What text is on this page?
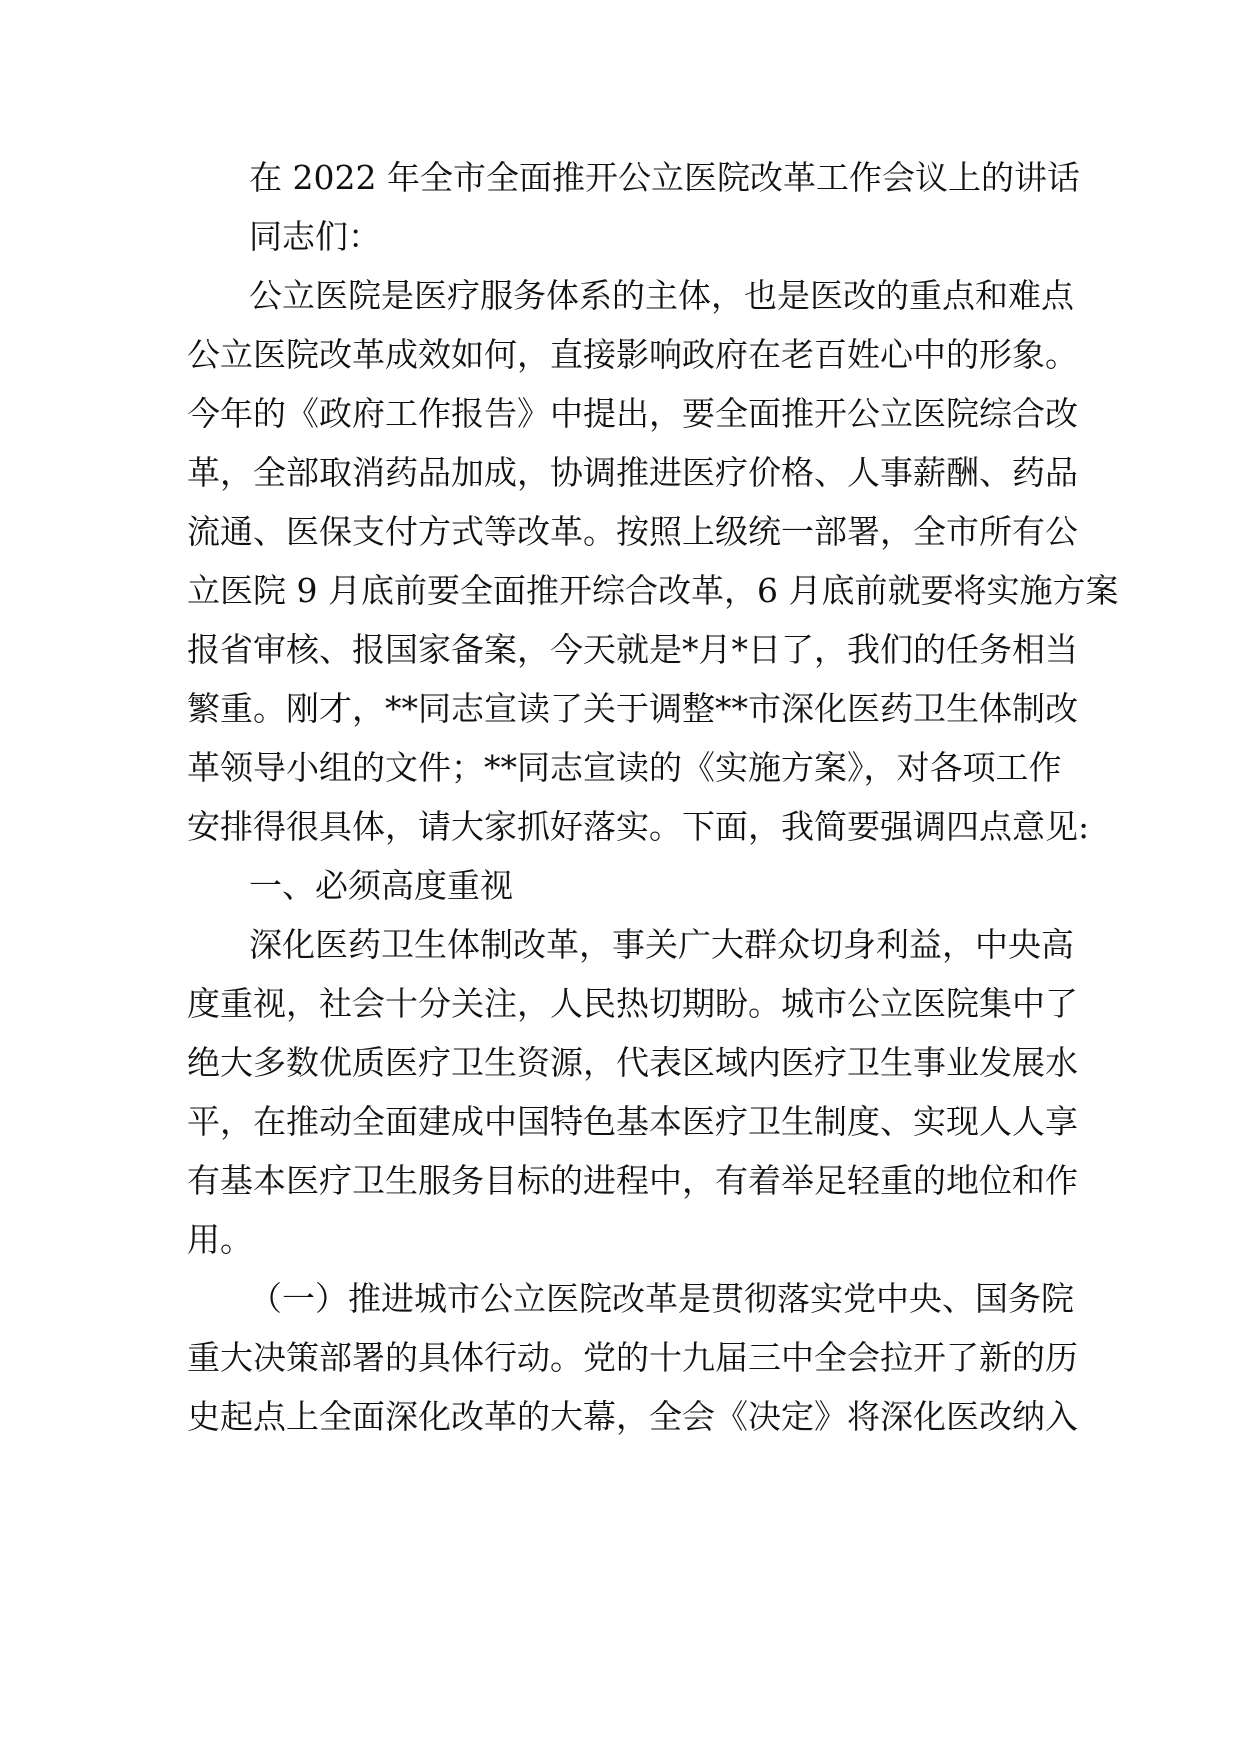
在 2022 年全市全面推开公立医院改革工作会议上的讲话
同志们：
公立医院是医疗服务体系的主体，也是医改的重点和难点
公立医院改革成效如何，直接影响政府在老百姓心中的形象。
今年的《政府工作报告》中提出，要全面推开公立医院综合改
革，全部取消药品加成，协调推进医疗价格、人事薪酬、药品
流通、医保支付方式等改革。按照上级统一部署，全市所有公
立医院 9 月底前要全面推开综合改革，6 月底前就要将实施方案
报省审核、报国家备案，今天就是*月*日了，我们的任务相当
繁重。刚才，**同志宣读了关于调整**市深化医药卫生体制改
革领导小组的文件；**同志宣读的《实施方案》，对各项工作
安排得很具体，请大家抓好落实。下面，我简要强调四点意见:
一、必须高度重视
深化医药卫生体制改革，事关广大群众切身利益，中央高
度重视，社会十分关注，人民热切期盼。城市公立医院集中了
绝大多数优质医疗卫生资源，代表区域内医疗卫生事业发展水
平，在推动全面建成中国特色基本医疗卫生制度、实现人人享
有基本医疗卫生服务目标的进程中，有着举足轻重的地位和作
用。
（一）推进城市公立医院改革是贯彻落实党中央、国务院
重大决策部署的具体行动。党的十九届三中全会拉开了新的历
史起点上全面深化改革的大幕，全会《决定》将深化医改纳入
